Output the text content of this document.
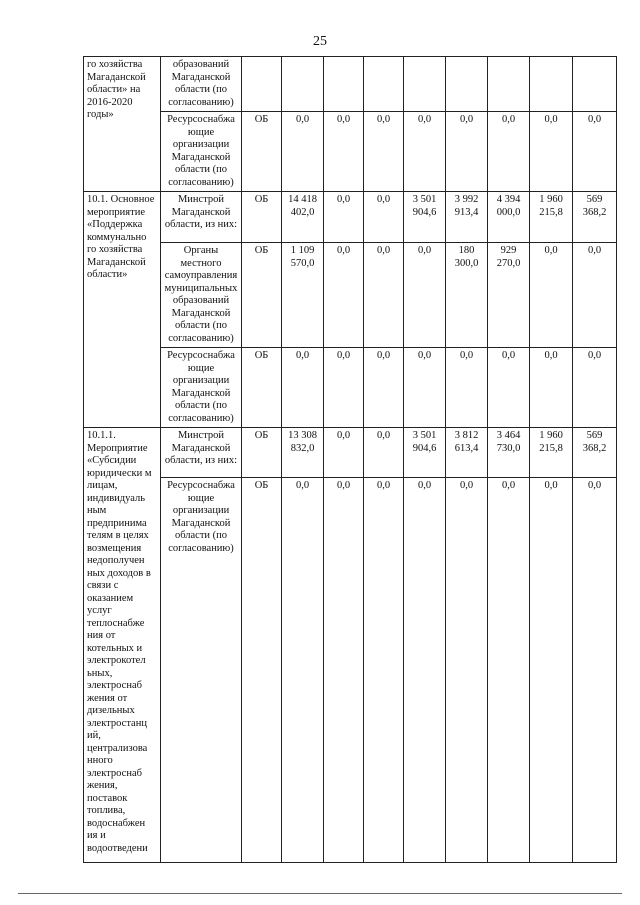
25
го хозяйства Магаданской области» на 2016-2020 годы»	образований Магаданской области (по согласованию)									
	Ресурсоснабжа ющие организации Магаданской области (по согласованию)	ОБ	0,0	0,0	0,0	0,0	0,0	0,0	0,0	0,0
10.1. Основное мероприятие «Поддержка коммунально го хозяйства Магаданской области»	Минстрой Магаданской области, из них:	ОБ	14 418 402,0	0,0	0,0	3 501 904,6	3 992 913,4	4 394 000,0	1 960 215,8	569 368,2
	Органы местного самоуправления муниципальных образований Магаданской области (по согласованию)	ОБ	1 109 570,0	0,0	0,0	0,0	180 300,0	929 270,0	0,0	0,0
	Ресурсоснабжа ющие организации Магаданской области (по согласованию)	ОБ	0,0	0,0	0,0	0,0	0,0	0,0	0,0	0,0
10.1.1. Мероприятие «Субсидии юридически м лицам, индивидуаль ным предпринима телям в целях возмещения недополучен ных доходов в связи с оказанием услуг теплоснабже ния от котельных и электрокотел ьных, электроснаб жения от дизельных электростанц ий, централизова нного электроснаб жения, поставок топлива, водоснабжен ия и водоотведени	Минстрой Магаданской области, из них:	ОБ	13 308 832,0	0,0	0,0	3 501 904,6	3 812 613,4	3 464 730,0	1 960 215,8	569 368,2
	Ресурсоснабжа ющие организации Магаданской области (по согласованию)	ОБ	0,0	0,0	0,0	0,0	0,0	0,0	0,0	0,0
